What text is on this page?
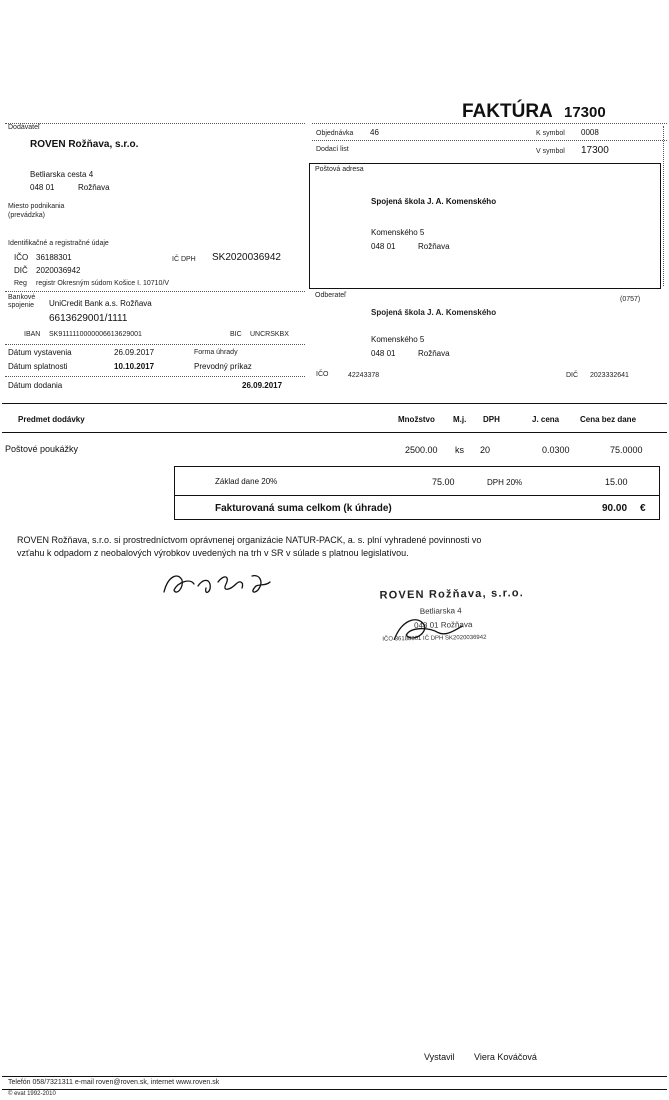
FAKTÚRA 17300
Dodávateľ
ROVEN Rožňava, s.r.o.
Betliarska cesta 4
048 01	Rožňava
Miesto podnikania
(prevádzka)
Identifikačné a registračné údaje
IČO 36188301	IČ DPH SK2020036942
DIČ 2020036942
Reg registr Okresným súdom Košice I. 10710/V
Bankové
spojenie UniCredit Bank a.s. Rožňava
6613629001/1111
IBAN SK9111110000006613629001	BIC UNCRSKBX
Dátum vystavenia	26.09.2017	Forma úhrady
Dátum splatnosti	10.10.2017	Prevodný príkaz
Dátum dodania	26.09.2017
Objednávka 46
Dodací list
K symbol 0008
V symbol 17300
Poštová adresa
Spojená škola J. A. Komenského
Komenského 5
048 01	Rožňava
Odberateľ
(0757)
Spojená škola J. A. Komenského
Komenského 5
048 01	Rožňava
IČO	42243378	DIČ 2023332641
Predmet dodávky	Množstvo M.j. DPH	J. cena	Cena bez dane
Poštové poukážky	2500.00 ks 20	0.0300	75.0000
Základ dane 20%	75.00	DPH 20%	15.00
Fakturovaná suma celkom (k úhrade)	90.00 €
ROVEN Rožňava, s.r.o. si prostredníctvom oprávnenej organizácie NATUR-PACK, a. s. plní vyhradené povinnosti vo
vzťahu k odpadom z neobalových výrobkov uvedených na trh v SR v súlade s platnou legislatívou.
ROVEN Rožňava, s.r.o.
Betliarska 4
048 01 Rožňava
IČO 36188301 IČ DPH SK2020036942
Vystavil Viera Kováčová
Telefón 058/7321311 e-mail roven@roven.sk, internet www.roven.sk
© evat 1992-2010
